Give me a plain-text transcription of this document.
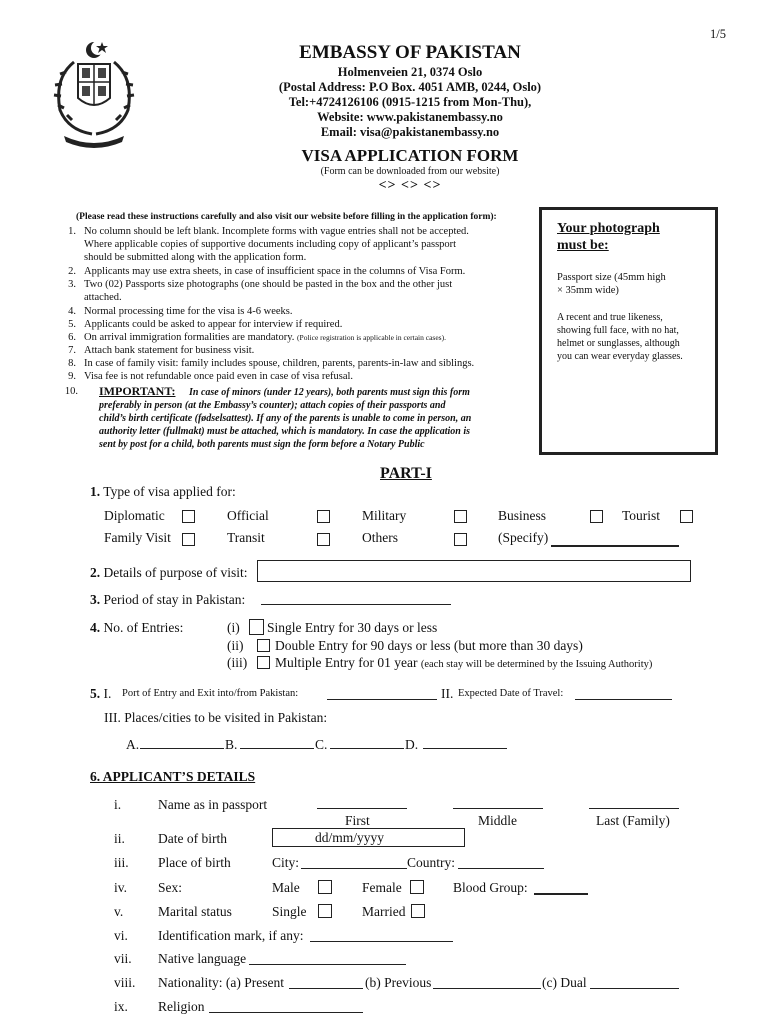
1/5
EMBASSY OF PAKISTAN
Holmenveien 21, 0374 Oslo
(Postal Address: P.O Box. 4051 AMB, 0244, Oslo)
Tel:+4724126106 (0915-1215 from Mon-Thu),
Website: www.pakistanembassy.no
Email: visa@pakistanembassy.no
VISA APPLICATION FORM
(Form can be downloaded from our website)
<> <> <>
(Please read these instructions carefully and also visit our website before filling in the application form):
1. No column should be left blank. Incomplete forms with vague entries shall not be accepted.
Where applicable copies of supportive documents including copy of applicant’s passport
should be submitted along with the application form.
2. Applicants may use extra sheets, in case of insufficient space in the columns of Visa Form.
3. Two (02) Passports size photographs (one should be pasted in the box and the other just
attached.
4. Normal processing time for the visa is 4-6 weeks.
5. Applicants could be asked to appear for interview if required.
6. On arrival immigration formalities are mandatory. (Police registration is applicable in certain cases).
7. Attach bank statement for business visit.
8. In case of family visit: family includes spouse, children, parents, parents-in-law and siblings.
9. Visa fee is not refundable once paid even in case of visa refusal.
10. IMPORTANT: In case of minors (under 12 years), both parents must sign this form
preferably in person (at the Embassy’s counter); attach copies of their passports and
child’s birth certificate (fødselsattest). If any of the parents is unable to come in person, an
authority letter (fullmakt) must be attached, which is mandatory. In case the application is
sent by post for a child, both parents must sign the form before a Notary Public
Your photograph
must be:
Passport size (45mm high
× 35mm wide)
A recent and true likeness,
showing full face, with no hat,
helmet or sunglasses, although
you can wear everyday glasses.
PART-I
1. Type of visa applied for:
Diplomatic	Official	Military	Business	Tourist
Family Visit	Transit	Others	(Specify)
2. Details of purpose of visit:
3. Period of stay in Pakistan:
4. No. of Entries:	(i) Single Entry for 30 days or less
(ii) Double Entry for 90 days or less (but more than 30 days)
(iii) Multiple Entry for 01 year (each stay will be determined by the Issuing Authority)
5. I. Port of Entry and Exit into/from Pakistan:	II. Expected Date of Travel:
III. Places/cities to be visited in Pakistan:
A.	B.	C.	D.
6. APPLICANT’S DETAILS
i.	Name as in passport
First	Middle	Last (Family)
ii. Date of birth	dd/mm/yyyy
iii. Place of birth	City:	Country:
iv. Sex:	Male	Female	Blood Group:
v.	Marital status	Single	Married
vi. Identification mark, if any:
vii. Native language
viii. Nationality: (a) Present	(b) Previous	(c) Dual
ix. Religion
